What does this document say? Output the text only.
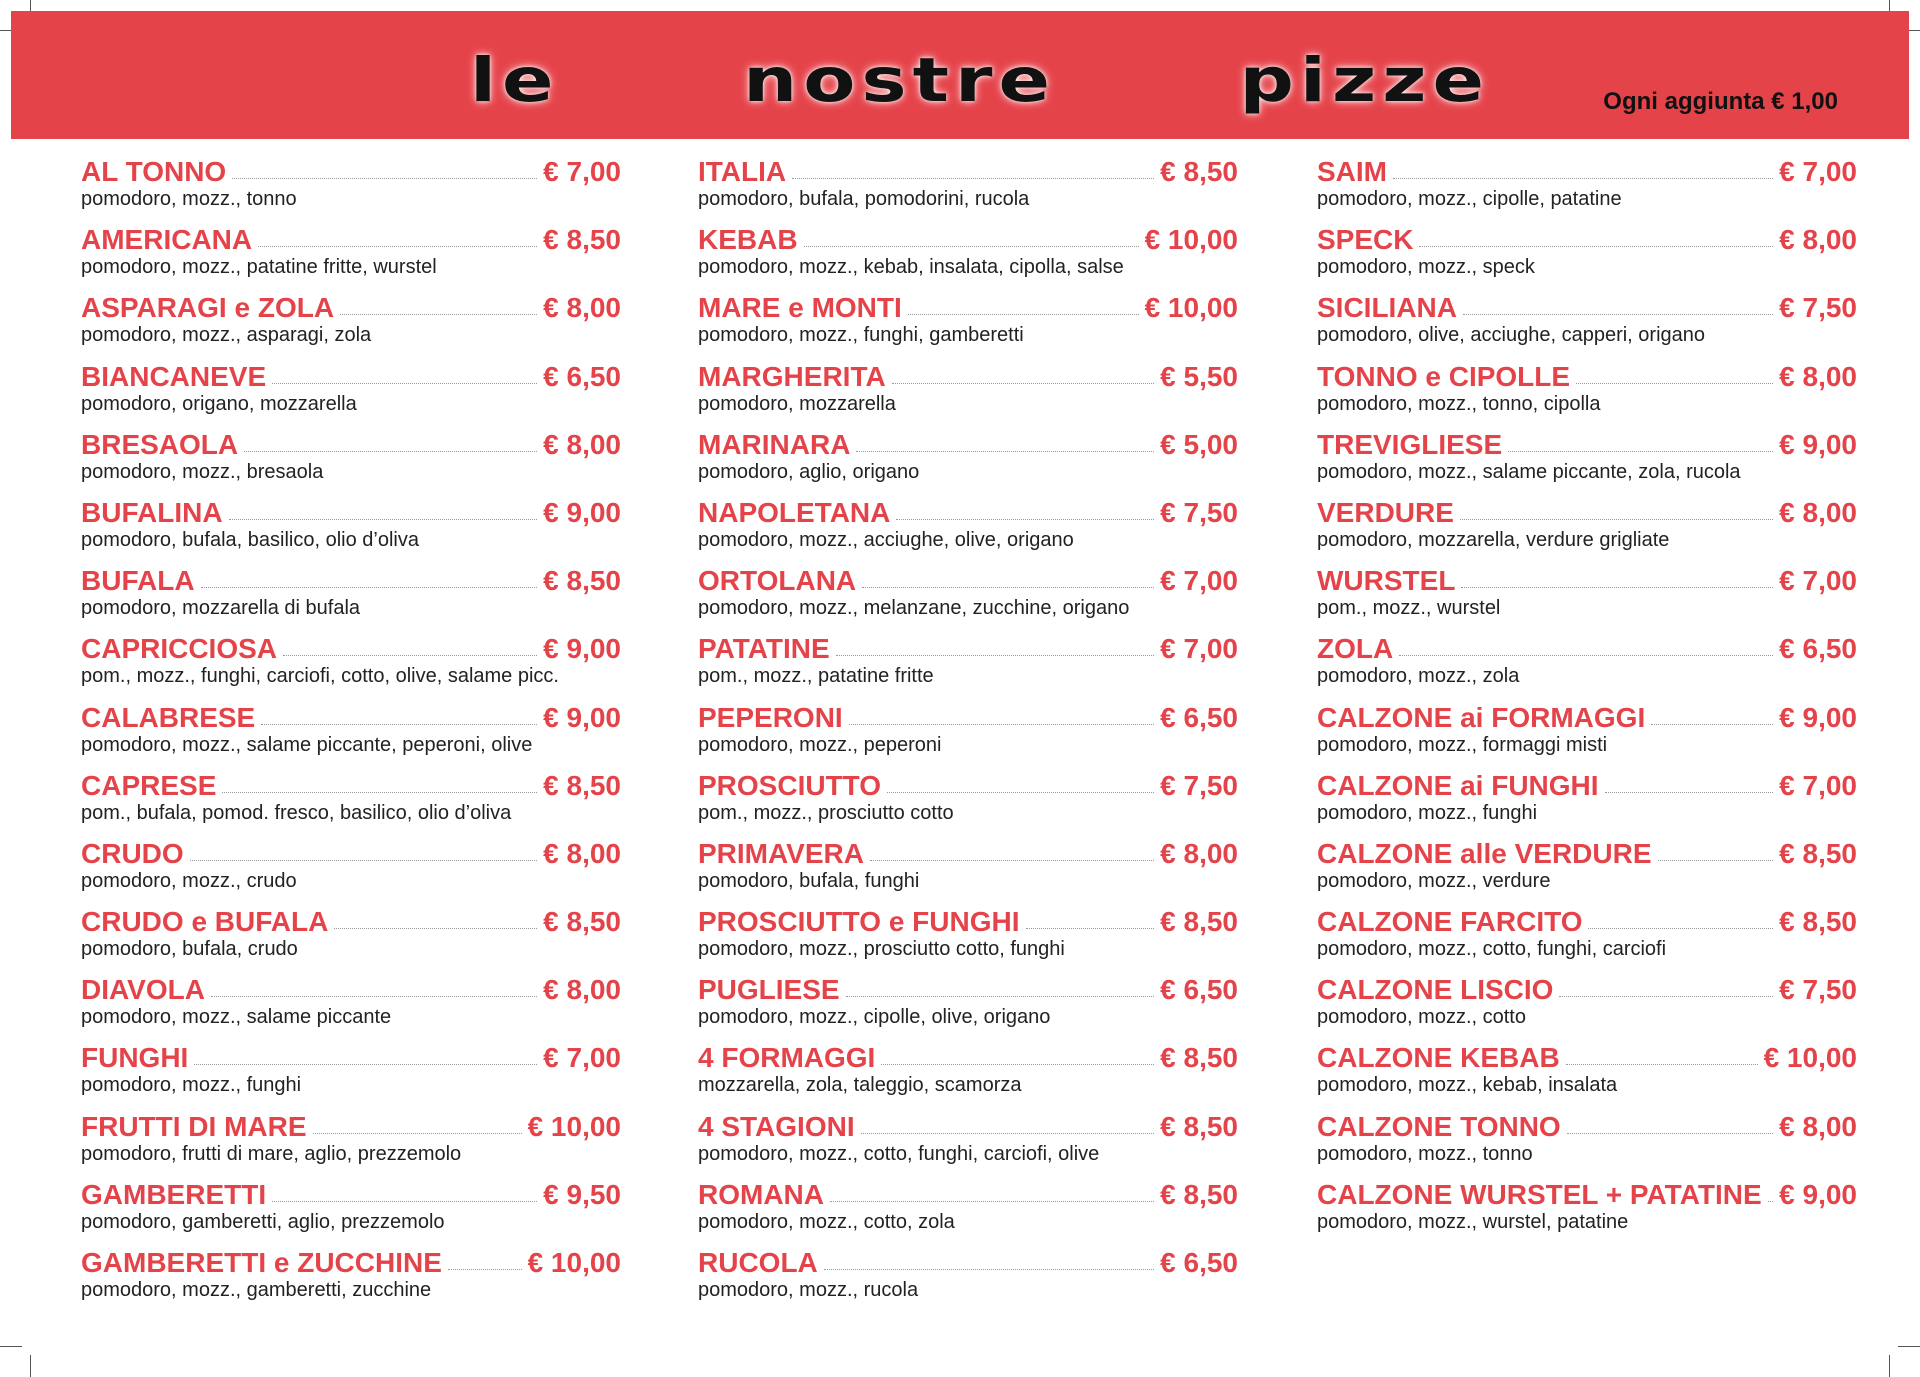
le nostre pizze	Ogni aggiunta € 1,00
AL TONNO	€ 7,00
pomodoro, mozz., tonno
AMERICANA	€ 8,50
pomodoro, mozz., patatine fritte, wurstel
ASPARAGI e ZOLA	€ 8,00
pomodoro, mozz., asparagi, zola
BIANCANEVE	€ 6,50
pomodoro, origano, mozzarella
BRESAOLA	€ 8,00
pomodoro, mozz., bresaola
BUFALINA	€ 9,00
pomodoro, bufala, basilico, olio d’oliva
BUFALA	€ 8,50
pomodoro, mozzarella di bufala
CAPRICCIOSA	€ 9,00
pom., mozz., funghi, carciofi, cotto, olive, salame picc.
CALABRESE	€ 9,00
pomodoro, mozz., salame piccante, peperoni, olive
CAPRESE	€ 8,50
pom., bufala, pomod. fresco, basilico, olio d’oliva
CRUDO	€ 8,00
pomodoro, mozz., crudo
CRUDO e BUFALA	€ 8,50
pomodoro, bufala, crudo
DIAVOLA	€ 8,00
pomodoro, mozz., salame piccante
FUNGHI	€ 7,00
pomodoro, mozz., funghi
FRUTTI DI MARE	€ 10,00
pomodoro, frutti di mare, aglio, prezzemolo
GAMBERETTI	€ 9,50
pomodoro, gamberetti, aglio, prezzemolo
GAMBERETTI e ZUCCHINE	€ 10,00
pomodoro, mozz., gamberetti, zucchine
ITALIA	€ 8,50
pomodoro, bufala, pomodorini, rucola
KEBAB	€ 10,00
pomodoro, mozz., kebab, insalata, cipolla, salse
MARE e MONTI	€ 10,00
pomodoro, mozz., funghi, gamberetti
MARGHERITA	€ 5,50
pomodoro, mozzarella
MARINARA	€ 5,00
pomodoro, aglio, origano
NAPOLETANA	€ 7,50
pomodoro, mozz., acciughe, olive, origano
ORTOLANA	€ 7,00
pomodoro, mozz., melanzane, zucchine, origano
PATATINE	€ 7,00
pom., mozz., patatine fritte
PEPERONI	€ 6,50
pomodoro, mozz., peperoni
PROSCIUTTO	€ 7,50
pom., mozz., prosciutto cotto
PRIMAVERA	€ 8,00
pomodoro, bufala, funghi
PROSCIUTTO e FUNGHI	€ 8,50
pomodoro, mozz., prosciutto cotto, funghi
PUGLIESE	€ 6,50
pomodoro, mozz., cipolle, olive, origano
4 FORMAGGI	€ 8,50
mozzarella, zola, taleggio, scamorza
4 STAGIONI	€ 8,50
pomodoro, mozz., cotto, funghi, carciofi, olive
ROMANA	€ 8,50
pomodoro, mozz., cotto, zola
RUCOLA	€ 6,50
pomodoro, mozz., rucola
SAIM	€ 7,00
pomodoro, mozz., cipolle, patatine
SPECK	€ 8,00
pomodoro, mozz., speck
SICILIANA	€ 7,50
pomodoro, olive, acciughe, capperi, origano
TONNO e CIPOLLE	€ 8,00
pomodoro, mozz., tonno, cipolla
TREVIGLIESE	€ 9,00
pomodoro, mozz., salame piccante, zola, rucola
VERDURE	€ 8,00
pomodoro, mozzarella, verdure grigliate
WURSTEL	€ 7,00
pom., mozz., wurstel
ZOLA	€ 6,50
pomodoro, mozz., zola
CALZONE ai FORMAGGI	€ 9,00
pomodoro, mozz., formaggi misti
CALZONE ai FUNGHI	€ 7,00
pomodoro, mozz., funghi
CALZONE alle VERDURE	€ 8,50
pomodoro, mozz., verdure
CALZONE FARCITO	€ 8,50
pomodoro, mozz., cotto, funghi, carciofi
CALZONE LISCIO	€ 7,50
pomodoro, mozz., cotto
CALZONE KEBAB	€ 10,00
pomodoro, mozz., kebab, insalata
CALZONE TONNO	€ 8,00
pomodoro, mozz., tonno
CALZONE WURSTEL + PATATINE € 9,00
pomodoro, mozz., wurstel, patatine
